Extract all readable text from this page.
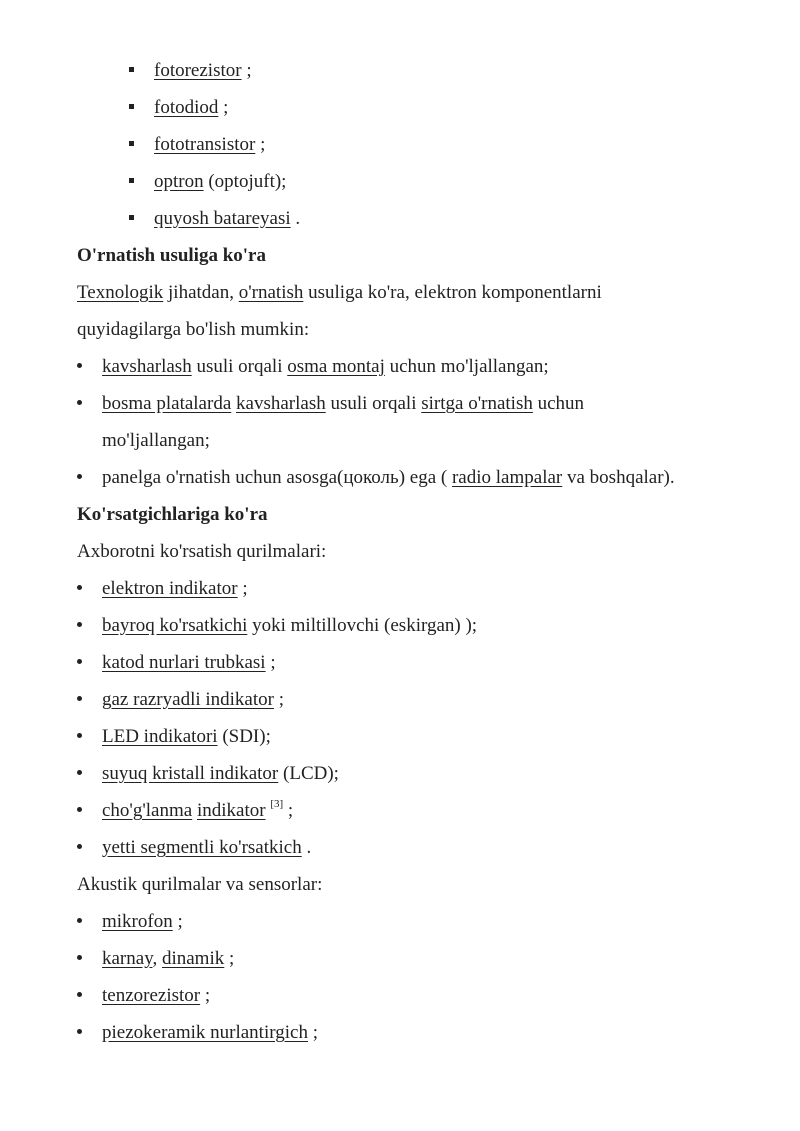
fotorezistor ;
fotodiod ;
fototransistor ;
optron (optojuft);
quyosh batareyasi .
O'rnatish usuliga ko'ra
Texnologik jihatdan, o'rnatish usuliga ko'ra, elektron komponentlarni
quyidagilarga bo'lish mumkin:
kavsharlash usuli orqali osma montaj uchun mo'ljallangan;
bosma platalarda kavsharlash usuli orqali sirtga o'rnatish uchun
mo'ljallangan;
panelga o'rnatish uchun asosga(цоколь) ega ( radio lampalar va boshqalar).
Ko'rsatgichlariga ko'ra
Axborotni ko'rsatish qurilmalari:
elektron indikator ;
bayroq ko'rsatkichi yoki miltillovchi (eskirgan) );
katod nurlari trubkasi ;
gaz razryadli indikator ;
LED indikatori (SDI);
suyuq kristall indikator (LCD);
cho'g'lanma indikator [3] ;
yetti segmentli ko'rsatkich .
Akustik qurilmalar va sensorlar:
mikrofon ;
karnay, dinamik ;
tenzorezistor ;
piezokeramik nurlantirgich ;
